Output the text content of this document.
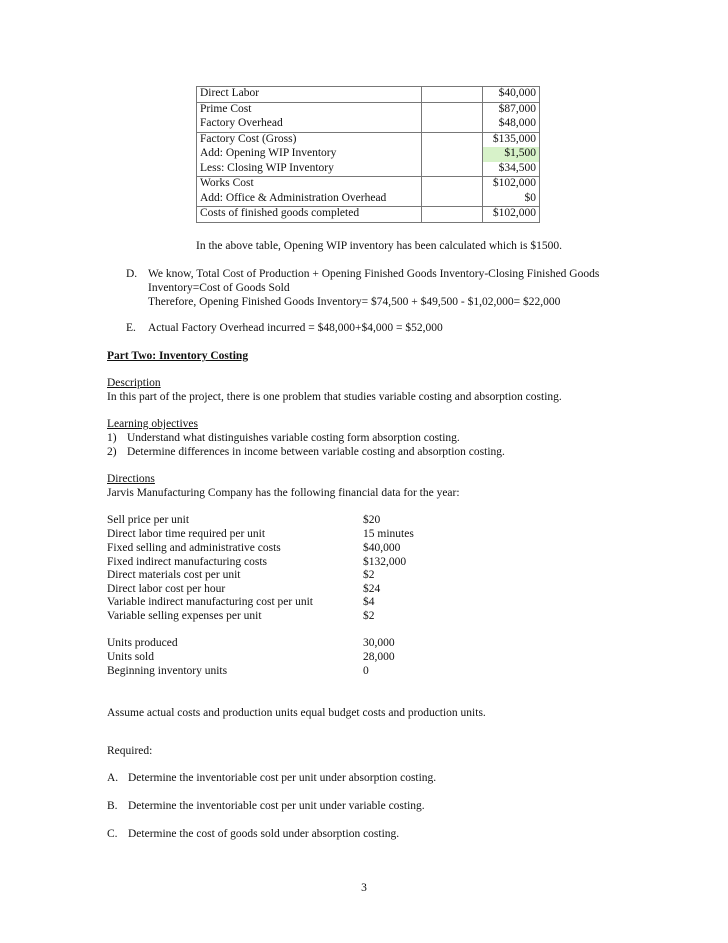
Direct Labor		$40,000
Prime Cost		$87,000
Factory Overhead		$48,000
Factory Cost (Gross)		$135,000
Add: Opening WIP Inventory		$1,500
Less: Closing WIP Inventory		$34,500
Works Cost		$102,000
Add: Office & Administration Overhead		$0
Costs of finished goods completed		$102,000
In the above table, Opening WIP inventory has been calculated which is $1500.
D. We know, Total Cost of Production + Opening Finished Goods Inventory-Closing Finished Goods
Inventory=Cost of Goods Sold
Therefore, Opening Finished Goods Inventory= $74,500 + $49,500 - $1,02,000= $22,000
E. Actual Factory Overhead incurred = $48,000+$4,000 = $52,000
Part Two: Inventory Costing
Description
In this part of the project, there is one problem that studies variable costing and absorption costing.
Learning objectives
1) Understand what distinguishes variable costing form absorption costing.
2) Determine differences in income between variable costing and absorption costing.
Directions
Jarvis Manufacturing Company has the following financial data for the year:
Sell price per unit	$20
Direct labor time required per unit	15 minutes
Fixed selling and administrative costs	$40,000
Fixed indirect manufacturing costs	$132,000
Direct materials cost per unit	$2
Direct labor cost per hour	$24
Variable indirect manufacturing cost per unit	$4
Variable selling expenses per unit	$2
Units produced	30,000
Units sold	28,000
Beginning inventory units	0
Assume actual costs and production units equal budget costs and production units.
Required:
A. Determine the inventoriable cost per unit under absorption costing.
B. Determine the inventoriable cost per unit under variable costing.
C. Determine the cost of goods sold under absorption costing.
3
